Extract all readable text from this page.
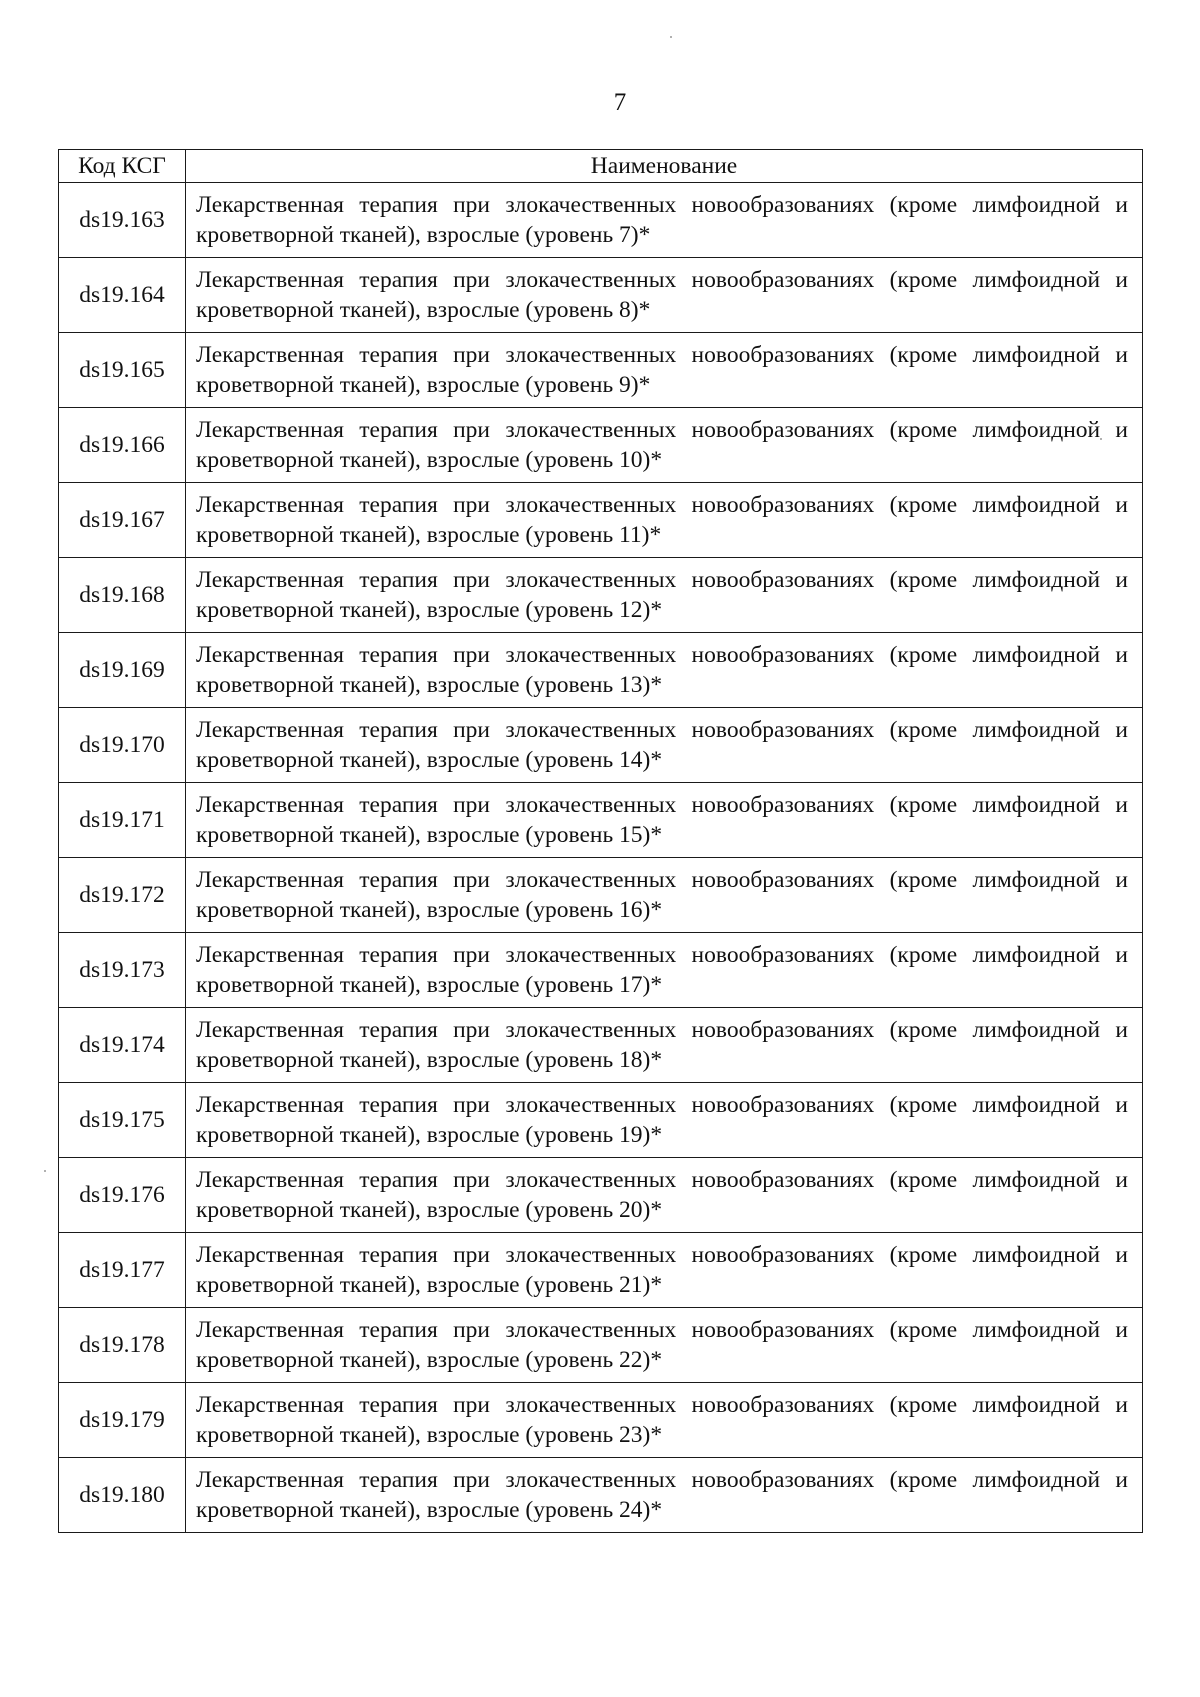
7
Код КСГ	Наименование
ds19.163	Лекарственная терапия при злокачественных новообразованиях (кроме лимфоидной и кроветворной тканей), взрослые (уровень 7)*
ds19.164	Лекарственная терапия при злокачественных новообразованиях (кроме лимфоидной и кроветворной тканей), взрослые (уровень 8)*
ds19.165	Лекарственная терапия при злокачественных новообразованиях (кроме лимфоидной и кроветворной тканей), взрослые (уровень 9)*
ds19.166	Лекарственная терапия при злокачественных новообразованиях (кроме лимфоидной и кроветворной тканей), взрослые (уровень 10)*
ds19.167	Лекарственная терапия при злокачественных новообразованиях (кроме лимфоидной и кроветворной тканей), взрослые (уровень 11)*
ds19.168	Лекарственная терапия при злокачественных новообразованиях (кроме лимфоидной и кроветворной тканей), взрослые (уровень 12)*
ds19.169	Лекарственная терапия при злокачественных новообразованиях (кроме лимфоидной и кроветворной тканей), взрослые (уровень 13)*
ds19.170	Лекарственная терапия при злокачественных новообразованиях (кроме лимфоидной и кроветворной тканей), взрослые (уровень 14)*
ds19.171	Лекарственная терапия при злокачественных новообразованиях (кроме лимфоидной и кроветворной тканей), взрослые (уровень 15)*
ds19.172	Лекарственная терапия при злокачественных новообразованиях (кроме лимфоидной и кроветворной тканей), взрослые (уровень 16)*
ds19.173	Лекарственная терапия при злокачественных новообразованиях (кроме лимфоидной и кроветворной тканей), взрослые (уровень 17)*
ds19.174	Лекарственная терапия при злокачественных новообразованиях (кроме лимфоидной и кроветворной тканей), взрослые (уровень 18)*
ds19.175	Лекарственная терапия при злокачественных новообразованиях (кроме лимфоидной и кроветворной тканей), взрослые (уровень 19)*
ds19.176	Лекарственная терапия при злокачественных новообразованиях (кроме лимфоидной и кроветворной тканей), взрослые (уровень 20)*
ds19.177	Лекарственная терапия при злокачественных новообразованиях (кроме лимфоидной и кроветворной тканей), взрослые (уровень 21)*
ds19.178	Лекарственная терапия при злокачественных новообразованиях (кроме лимфоидной и кроветворной тканей), взрослые (уровень 22)*
ds19.179	Лекарственная терапия при злокачественных новообразованиях (кроме лимфоидной и кроветворной тканей), взрослые (уровень 23)*
ds19.180	Лекарственная терапия при злокачественных новообразованиях (кроме лимфоидной и кроветворной тканей), взрослые (уровень 24)*
